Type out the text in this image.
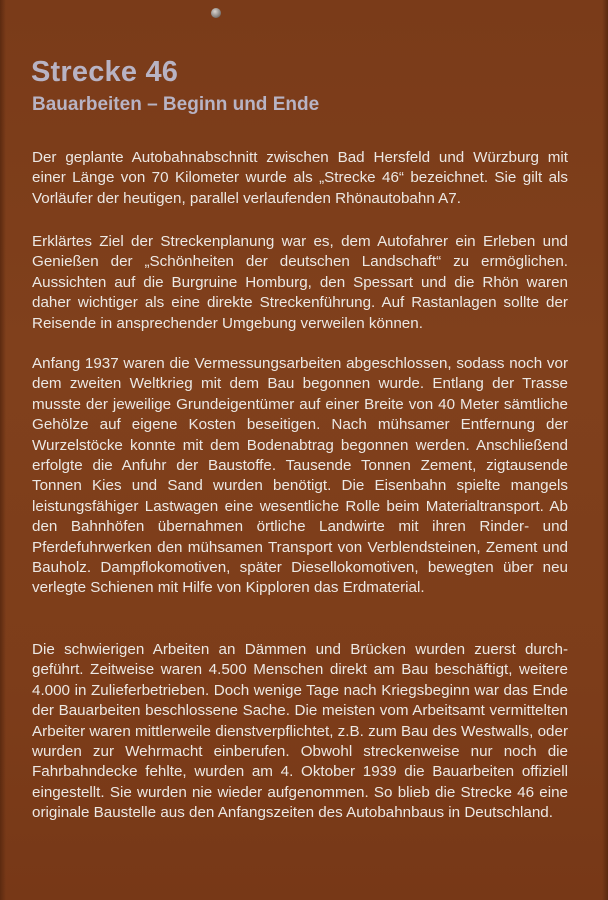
Strecke 46
Bauarbeiten – Beginn und Ende

Der geplante Autobahnabschnitt zwischen Bad Hersfeld und Würzburg mit einer Länge von 70 Kilometer wurde als „Strecke 46“ bezeichnet. Sie gilt als Vorläufer der heutigen, parallel verlaufenden Rhönautobahn A7.

Erklärtes Ziel der Streckenplanung war es, dem Autofahrer ein Erleben und Genießen der „Schönheiten der deutschen Landschaft“ zu ermöglichen. Aussichten auf die Burgruine Homburg, den Spessart und die Rhön waren daher wichtiger als eine direkte Streckenführung. Auf Rastanlagen sollte der Reisende in ansprechender Umgebung verweilen können.

Anfang 1937 waren die Vermessungsarbeiten abgeschlossen, sodass noch vor dem zweiten Weltkrieg mit dem Bau begonnen wurde. Entlang der Trasse musste der jeweilige Grundeigentümer auf einer Breite von 40 Meter sämtliche Gehölze auf eigene Kosten beseitigen. Nach mühsamer Entfernung der Wurzelstöcke konnte mit dem Bodenabtrag begonnen werden. Anschließend erfolgte die Anfuhr der Baustoffe. Tausende Tonnen Zement, zigtausende Tonnen Kies und Sand wurden benötigt. Die Eisenbahn spielte mangels leistungsfähiger Lastwagen eine wesentliche Rolle beim Materialtransport. Ab den Bahnhöfen übernahmen örtliche Landwirte mit ihren Rinder- und Pferdefuhrwerken den mühsamen Transport von Verblendsteinen, Zement und Bauholz. Dampflokomotiven, später Diesellokomotiven, bewegten über neu verlegte Schienen mit Hilfe von Kipploren das Erdmaterial.

Die schwierigen Arbeiten an Dämmen und Brücken wurden zuerst durchgeführt. Zeitweise waren 4.500 Menschen direkt am Bau beschäftigt, weitere 4.000 in Zulieferbetrieben. Doch wenige Tage nach Kriegsbeginn war das Ende der Bauarbeiten beschlossene Sache. Die meisten vom Arbeitsamt vermittelten Arbeiter waren mittlerweile dienstverpflichtet, z.B. zum Bau des Westwalls, oder wurden zur Wehrmacht einberufen. Obwohl streckenweise nur noch die Fahrbahndecke fehlte, wurden am 4. Oktober 1939 die Bauarbeiten offiziell eingestellt. Sie wurden nie wieder aufgenommen. So blieb die Strecke 46 eine originale Baustelle aus den Anfangszeiten des Autobahnbaus in Deutschland.
